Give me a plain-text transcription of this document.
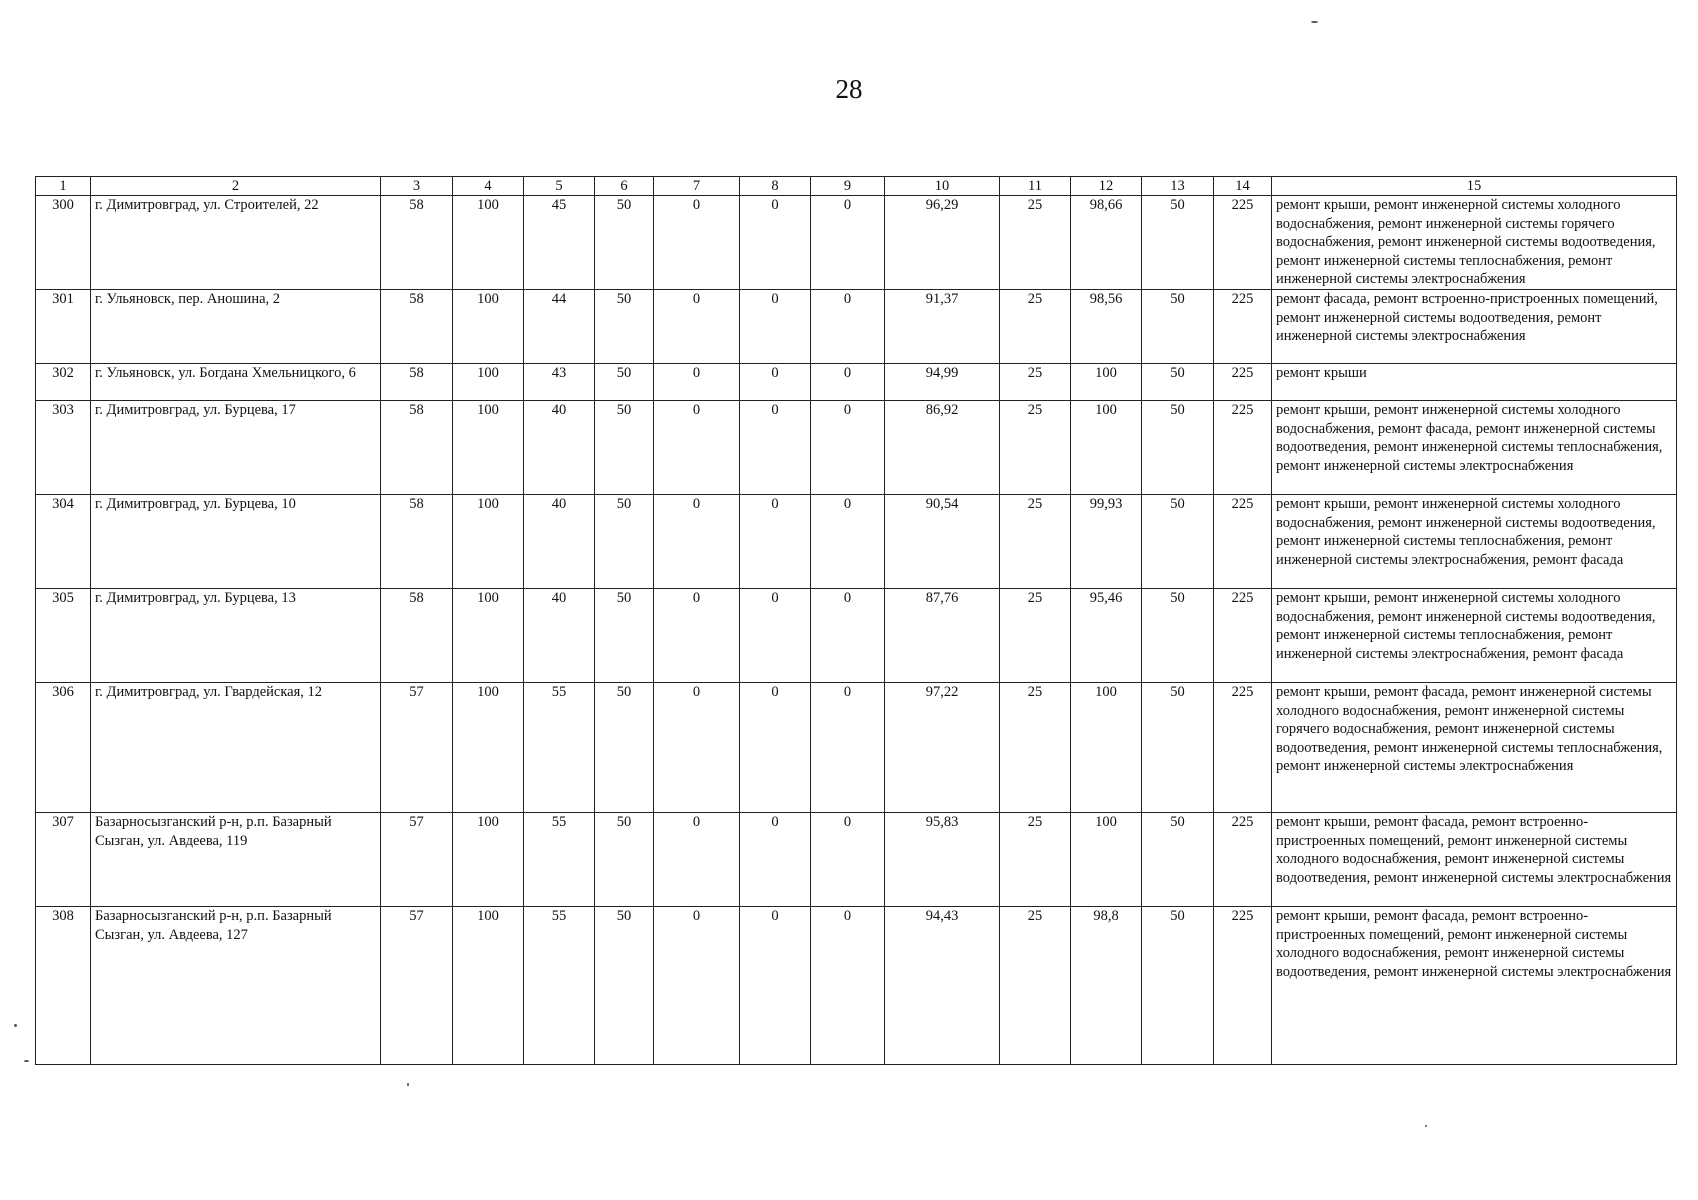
28
1	2	3	4	5	6	7	8	9	10	11	12	13	14	15
300	г. Димитровград, ул. Строителей, 22	58	100	45	50	0	0	0	96,29	25	98,66	50	225	ремонт крыши, ремонт инженерной системы холодного водоснабжения, ремонт инженерной системы горячего водоснабжения, ремонт инженерной системы водоотведения, ремонт инженерной системы теплоснабжения, ремонт инженерной системы электроснабжения
301	г. Ульяновск, пер. Аношина, 2	58	100	44	50	0	0	0	91,37	25	98,56	50	225	ремонт фасада, ремонт встроенно-пристроенных помещений, ремонт инженерной системы водоотведения, ремонт инженерной системы электроснабжения
302	г. Ульяновск, ул. Богдана Хмельницкого, 6	58	100	43	50	0	0	0	94,99	25	100	50	225	ремонт крыши
303	г. Димитровград, ул. Бурцева, 17	58	100	40	50	0	0	0	86,92	25	100	50	225	ремонт крыши, ремонт инженерной системы холодного водоснабжения, ремонт фасада, ремонт инженерной системы водоотведения, ремонт инженерной системы теплоснабжения, ремонт инженерной системы электроснабжения
304	г. Димитровград, ул. Бурцева, 10	58	100	40	50	0	0	0	90,54	25	99,93	50	225	ремонт крыши, ремонт инженерной системы холодного водоснабжения, ремонт инженерной системы водоотведения, ремонт инженерной системы теплоснабжения, ремонт инженерной системы электроснабжения, ремонт фасада
305	г. Димитровград, ул. Бурцева, 13	58	100	40	50	0	0	0	87,76	25	95,46	50	225	ремонт крыши, ремонт инженерной системы холодного водоснабжения, ремонт инженерной системы водоотведения, ремонт инженерной системы теплоснабжения, ремонт инженерной системы электроснабжения, ремонт фасада
306	г. Димитровград, ул. Гвардейская, 12	57	100	55	50	0	0	0	97,22	25	100	50	225	ремонт крыши, ремонт фасада, ремонт инженерной системы холодного водоснабжения, ремонт инженерной системы горячего водоснабжения, ремонт инженерной системы водоотведения, ремонт инженерной системы теплоснабжения, ремонт инженерной системы электроснабжения
307	Базарносызганский р-н, р.п. Базарный Сызган, ул. Авдеева, 119	57	100	55	50	0	0	0	95,83	25	100	50	225	ремонт крыши, ремонт фасада, ремонт встроенно-пристроенных помещений, ремонт инженерной системы холодного водоснабжения, ремонт инженерной системы водоотведения, ремонт инженерной системы электроснабжения
308	Базарносызганский р-н, р.п. Базарный Сызган, ул. Авдеева, 127	57	100	55	50	0	0	0	94,43	25	98,8	50	225	ремонт крыши, ремонт фасада, ремонт встроенно-пристроенных помещений, ремонт инженерной системы холодного водоснабжения, ремонт инженерной системы водоотведения, ремонт инженерной системы электроснабжения
